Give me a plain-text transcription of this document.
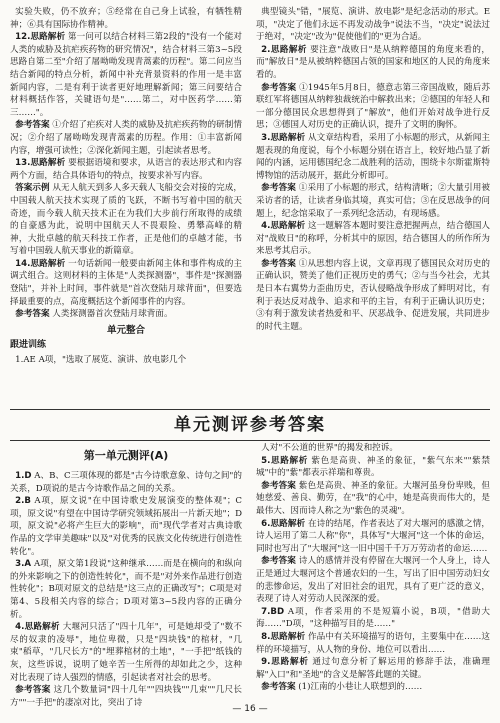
实验失败，仍不放弃；⑤经常在自己身上试验，有牺牲精神；⑥具有国际协作精神。

12.思路解析 第一问可以结合材料三第2段的"没有一个能对人类的威胁及抗疟疾药物的研究情况"，结合材料三第3~5段思路自第二至"介绍了屠呦呦发现青蒿素的历程"。第二问应当结合新闻的特点分析，新闻中补充背景资料的作用一是丰富新闻内容，二是有利于读者更好地理解新闻；第三问要结合材料概括作答，关键语句是"……第二，对中医药学……第三……"。

参考答案 ①介绍了疟疾对人类的威胁及抗疟疾药物的研制情况；②介绍了屠呦呦发现青蒿素的历程。作用：①丰富新闻内容，增强可读性；②深化新闻主题，引起读者思考。

13.思路解析 要根据语境和要求，从语言的表达形式和内容两个方面，结合具体语句的特点，按要求补写内容。

答案示例 从无人航天到多人多天载人飞船交会对接的完成，中国载人航天技术实现了质的飞跃，不断书写着中国的航天奇迹，而今载人航天技术正在为我们大步前行所取得的成绩的自豪感为此，说明中国航天人不畏艰险、勇攀高峰的精神，大批卓越的航天科技工作者，正是他们的卓越才能，书写着中国载人航天事业的新篇章。

14.思路解析 一句话新闻一般要由新闻主体和事件构成的主调式组合。这则材料的主体是"人类探测器"，事件是"探测器登陆"，并补上时间，事件就是"首次登陆月球背面"，但要选择最重要的点，高度概括这个新闻事件的内容。

参考答案 人类探测器首次登陆月球背面。

单元整合
跟进训练

1.AE A项，"选取了展览、演讲、放电影几个

典型镜头"错，"展览、演讲、放电影"是纪念活动的形式。E项，"决定了他们永远不再发动战争"说法不当，"决定"说法过于绝对，"决定"改为"促使他们的"更为合适。

2.思路解析 要注意"战败日"是从纳粹德国的角度来看的，而"解放日"是从被纳粹德国占领的国家和地区的人民的角度来看的。

参考答案 ①1945年5月8日，德意志第三帝国战败，随后苏联红军将德国从纳粹独裁统治中解救出来；②德国的年轻人和一部分德国民众思想得到了"解放"，他们开始对战争进行反思；③德国人对历史的正确认识，提升了文明的胸怀。

3.思路解析 从文章结构看，采用了小标题的形式，从新闻主题表现的角度说，每个小标题分别在语言上，较好地凸显了新闻的内涵，运用德国纪念二战胜利的活动，围绕卡尔斯霍斯特博物馆的活动展开，据此分析即可。

参考答案 ①采用了小标题的形式，结构清晰；②大量引用被采访者的话，让读者身临其境，真实可信；③在反思战争的问题上，纪念馆采取了一系列纪念活动，有现场感。

4.思路解析 这一题解答本题时要注意把握两点，结合德国人对"战败日"的称呼，分析其中的原因，结合德国人的所作所为来思考其启示。

参考答案 ①从思想内容上说，文章再现了德国民众对历史的正确认识，赞美了他们正视历史的勇气；②与当今社会，尤其是日本右翼势力歪曲历史，否认侵略战争形成了鲜明对比，有利于表达反对战争、追求和平的主旨，有利于正确认识历史；③有利于激发读者热爱和平、厌恶战争、促进发展，共同进步的时代主题。

单元测评参考答案
第一单元测评(A)

1.D A、B、C三项体现的都是"古今诗歌意象、诗句之间"的关系，D项说的是古今诗歌作品之间的关系。

2.B A项，原文说"在中国诗歌史发展演变的整体观"；C项，原文说"有望在中国诗学研究领域拓展出一片新天地"；D项，原文说"必将产生巨大的影响"，而"现代学者对古典诗歌作品的文学审美趣味"以及"对优秀的民族文化传统进行创造性转化"。

3.A A项，原文第1段说"这种继承……而是在横向的和纵向的外来影响之下的创造性转化"，而不是"对外来作品进行创造性转化"；B项对原文的总结是"这三点的正确改写"；C项是对第4、5段相关内容的综合；D项对第3~5段内容的正确分析。

4.思路解析 大堰河只活了"四十几年"，可是她却受了"数不尽的奴隶的凌辱"，地位卑微，只是"四块钱"的棺材，"几束"稻草，"几尺长方"的"埋葬棺材的土地"，"一手把"纸钱的灰，这些诉说，说明了她辛苦一生所得的却如此之少，这种对比表现了诗人强烈的情感，引起读者对社会的思考。

参考答案 这几个数量词"四十几年""四块钱""几束""几尺长方""一手把"的凄凉对比，突出了诗

人对"不公道的世界"的揭发和控诉。

5.思路解析 紫色是高贵、神圣的象征，"紫气东来""紫禁城"中的"紫"都表示祥瑞和尊贵。

参考答案 紫色是高贵、神圣的象征。大堰河虽身份卑贱，但她慈爱、善良、勤劳，在"我"的心中，她是高贵而伟大的，是最伟大、因而诗人称之为"紫色的灵魂"。

6.思路解析 在诗的结尾，作者表达了对大堰河的感激之情，诗人运用了第二人称"你"，具体写"大堰河"这一个体的命运，同时也写出了"大堰河"这一旧中国千千万万劳动者的命运……

参考答案 诗人的感情并没有停留在大堰河一个人身上，诗人正是通过大堰河这个普通农妇的一生，写出了旧中国劳动妇女的悲惨命运，发出了对旧社会的诅咒，具有了更广泛的意义，表现了诗人对劳动人民深深的爱。

7.BD A项，作者采用的不是短篇小说，B项，"借助大海……"D项，"这种描写目的是……"

8.思路解析 作品中有关环境描写的语句，主要集中在……这样的环境描写，从人物的身份、地位可以看出……

9.思路解析 通过句意分析了解运用的修辞手法，准确理解"入口"和"圣地"的含义是解答此题的关键。

参考答案 (1)江南的小巷让人联想到的……

— 16 —
